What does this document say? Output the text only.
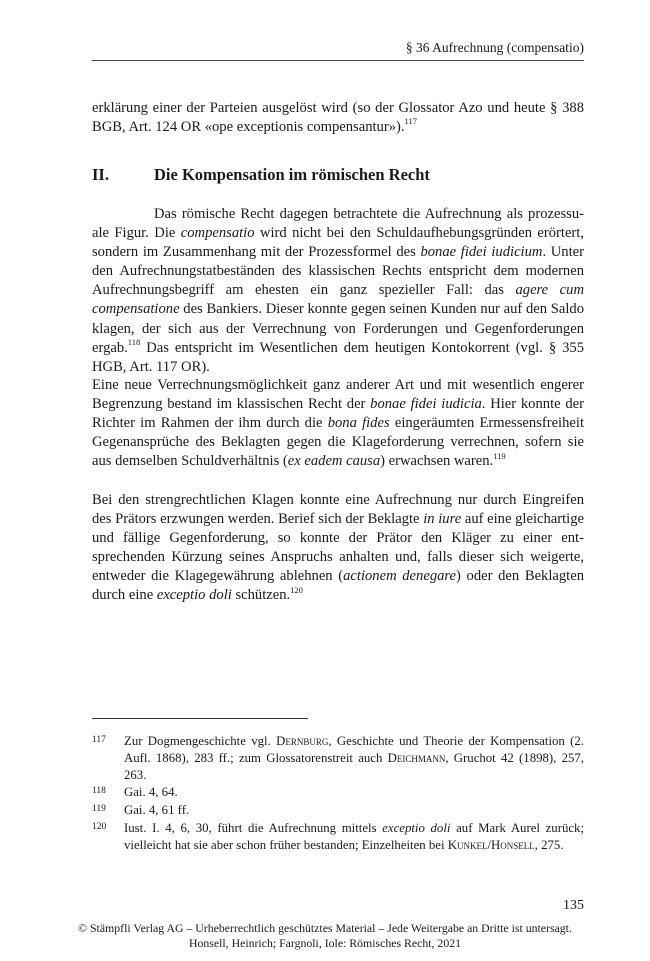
§ 36 Aufrechnung (compensatio)

erklärung einer der Parteien ausgelöst wird (so der Glossator Azo und heute § 388 BGB, Art. 124 OR «ope exceptionis compensantur»).$^{117}$

II.	Die Kompensation im römischen Recht

Das römische Recht dagegen betrachtete die Aufrechnung als prozessuale Figur. Die compensatio wird nicht bei den Schuldaufhebungsgründen erörtert, sondern im Zusammenhang mit der Prozessformel des bonae fidei iudicium. Unter den Aufrechnungstatbeständen des klassischen Rechts entspricht dem modernen Aufrechnungsbegriff am ehesten ein ganz spezieller Fall: das agere cum compensatione des Bankiers. Dieser konnte gegen seinen Kunden nur auf den Saldo klagen, der sich aus der Verrechnung von Forderungen und Gegenforderungen ergab.$^{118}$ Das entspricht im Wesentlichen dem heutigen Kontokorrent (vgl. § 355 HGB, Art. 117 OR).

Eine neue Verrechnungsmöglichkeit ganz anderer Art und mit wesentlich engerer Begrenzung bestand im klassischen Recht der bonae fidei iudicia. Hier konnte der Richter im Rahmen der ihm durch die bona fides eingeräumten Ermessensfreiheit Gegenansprüche des Beklagten gegen die Klageforderung verrechnen, sofern sie aus demselben Schuldverhältnis (ex eadem causa) erwachsen waren.$^{119}$

Bei den strengrechtlichen Klagen konnte eine Aufrechnung nur durch Eingreifen des Prätors erzwungen werden. Berief sich der Beklagte in iure auf eine gleichartige und fällige Gegenforderung, so konnte der Prätor den Kläger zu einer entsprechenden Kürzung seines Anspruchs anhalten und, falls dieser sich weigerte, entweder die Klagegewährung ablehnen (actionem denegare) oder den Beklagten durch eine exceptio doli schützen.$^{120}$

117 Zur Dogmengeschichte vgl. Dernburg, Geschichte und Theorie der Kompensation (2. Aufl. 1868), 283 ff.; zum Glossatorenstreit auch Deichmann, Gruchot 42 (1898), 257, 263.
118 Gai. 4, 64.
119 Gai. 4, 61 ff.
120 Iust. I. 4, 6, 30, führt die Aufrechnung mittels exceptio doli auf Mark Aurel zurück; vielleicht hat sie aber schon früher bestanden; Einzelheiten bei Kunkel/Honsell, 275.
135
© Stämpfli Verlag AG – Urheberrechtlich geschütztes Material – Jede Weitergabe an Dritte ist untersagt.
Honsell, Heinrich; Fargnoli, Iole: Römisches Recht, 2021
